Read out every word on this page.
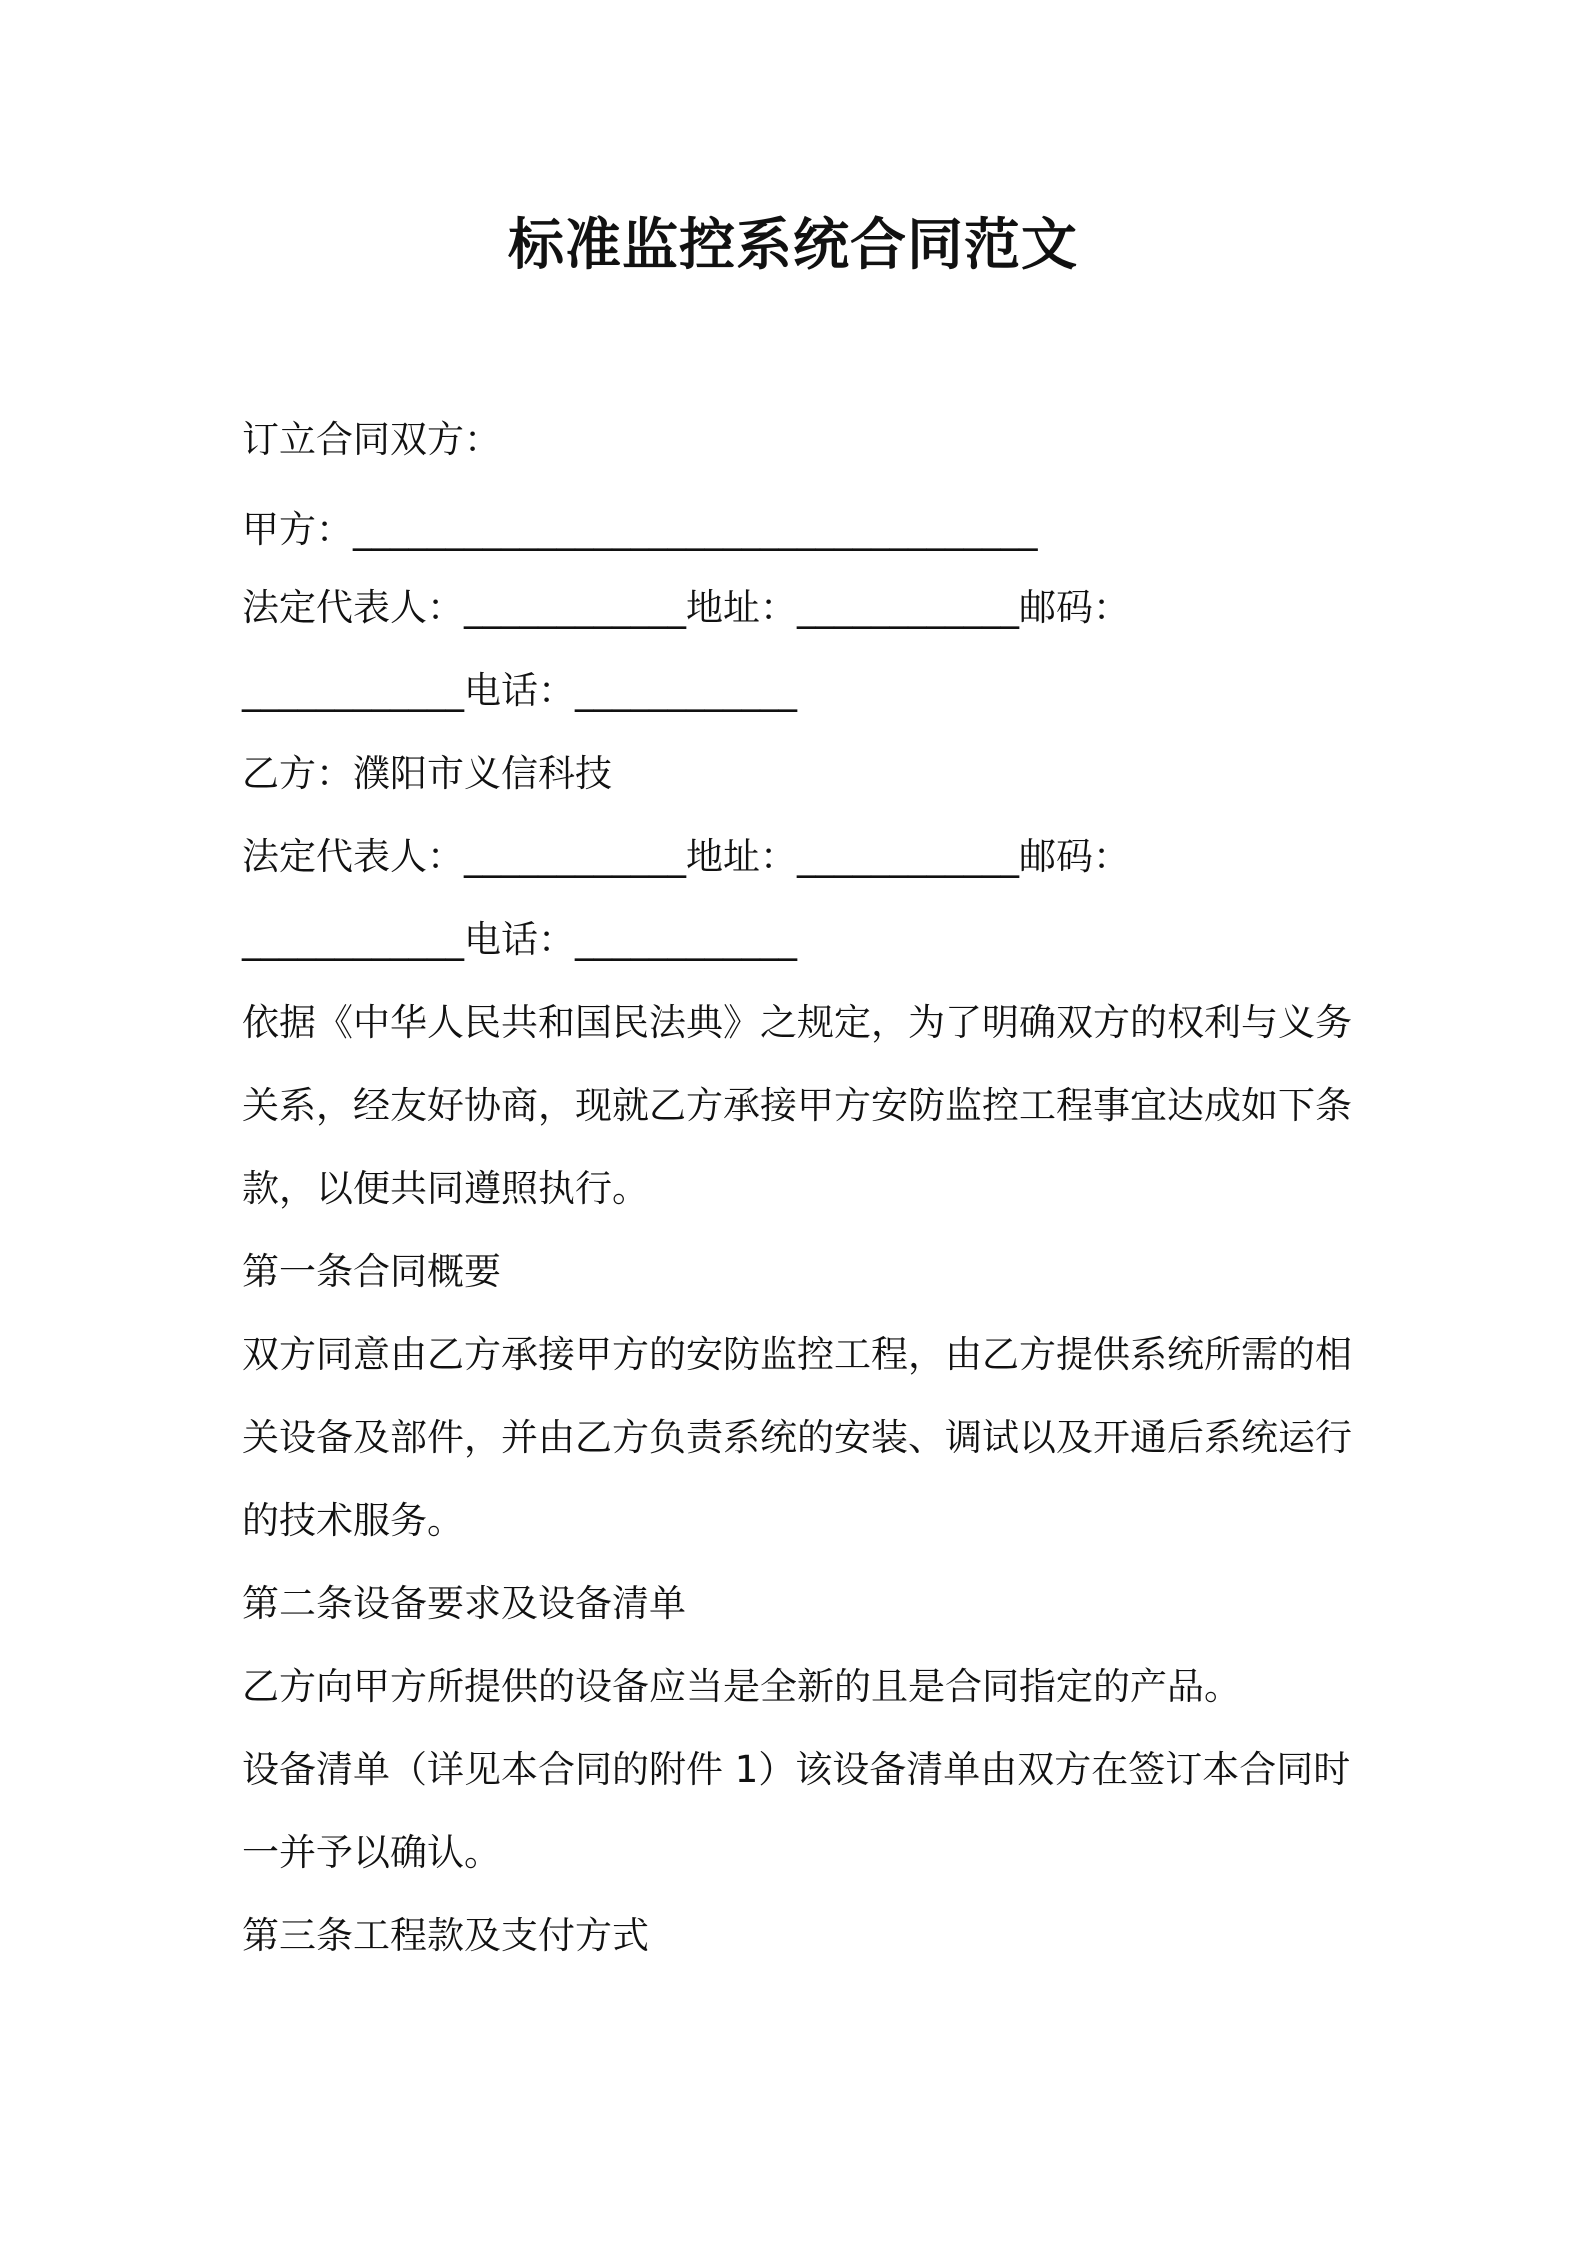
标准监控系统合同范文
订立合同双方：
甲方：_____________________________________
法定代表人：____________地址：____________邮码：
____________电话：____________
乙方：濮阳市义信科技
法定代表人：____________地址：____________邮码：
____________电话：____________
依据《中华人民共和国民法典》之规定，为了明确双方的权利与义务
关系，经友好协商，现就乙方承接甲方安防监控工程事宜达成如下条
款，以便共同遵照执行。
第一条合同概要
双方同意由乙方承接甲方的安防监控工程，由乙方提供系统所需的相
关设备及部件，并由乙方负责系统的安装、调试以及开通后系统运行
的技术服务。
第二条设备要求及设备清单
乙方向甲方所提供的设备应当是全新的且是合同指定的产品。
设备清单（详见本合同的附件 1）该设备清单由双方在签订本合同时
一并予以确认。
第三条工程款及支付方式
